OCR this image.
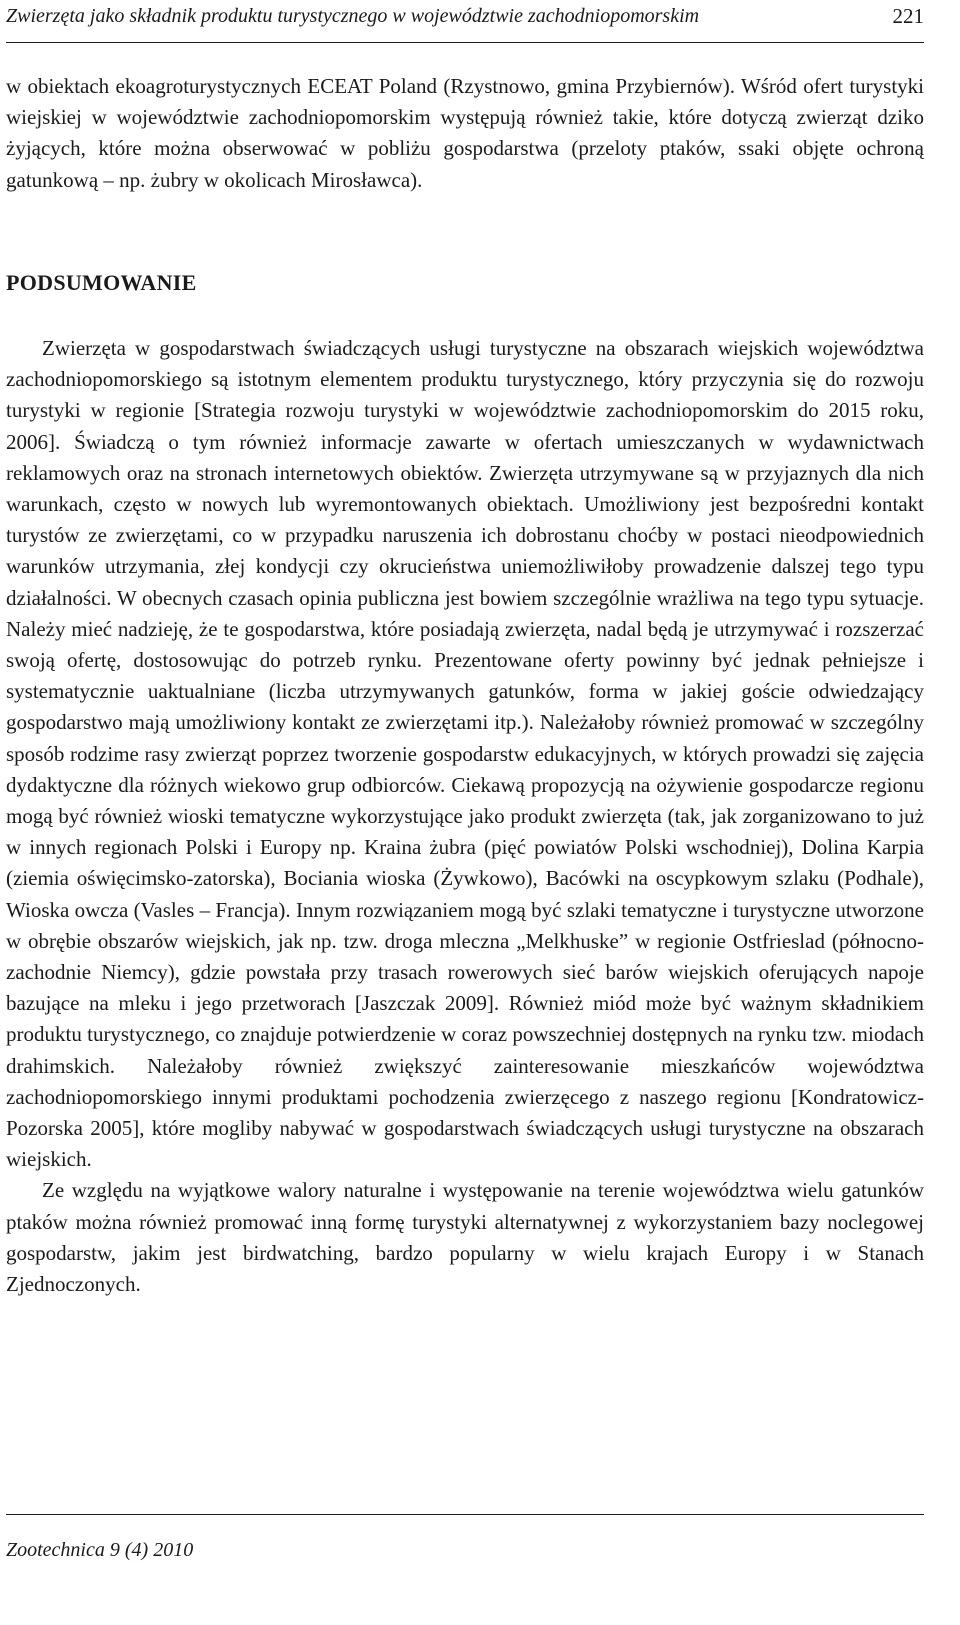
Zwierzęta jako składnik produktu turystycznego w województwie zachodniopomorskim	221

w obiektach ekoagroturystycznych ECEAT Poland (Rzystnowo, gmina Przybiernów). Wśród ofert turystyki wiejskiej w województwie zachodniopomorskim występują również takie, które dotyczą zwierząt dziko żyjących, które można obserwować w pobliżu gospodarstwa (przeloty ptaków, ssaki objęte ochroną gatunkową – np. żubry w okolicach Mirosławca).

PODSUMOWANIE

Zwierzęta w gospodarstwach świadczących usługi turystyczne na obszarach wiejskich województwa zachodniopomorskiego są istotnym elementem produktu turystycznego, który przyczynia się do rozwoju turystyki w regionie [Strategia rozwoju turystyki w województwie zachodniopomorskim do 2015 roku, 2006]. Świadczą o tym również informacje zawarte w ofertach umieszczanych w wydawnictwach reklamowych oraz na stronach internetowych obiektów. Zwierzęta utrzymywane są w przyjaznych dla nich warunkach, często w nowych lub wyremontowanych obiektach. Umożliwiony jest bezpośredni kontakt turystów ze zwierzętami, co w przypadku naruszenia ich dobrostanu choćby w postaci nieodpowiednich warunków utrzymania, złej kondycji czy okrucieństwa uniemożliwiłoby prowadzenie dalszej tego typu działalności. W obecnych czasach opinia publiczna jest bowiem szczególnie wrażliwa na tego typu sytuacje. Należy mieć nadzieję, że te gospodarstwa, które posiadają zwierzęta, nadal będą je utrzymywać i rozszerzać swoją ofertę, dostosowując do potrzeb rynku. Prezentowane oferty powinny być jednak pełniejsze i systematycznie uaktualniane (liczba utrzymywanych gatunków, forma w jakiej goście odwiedzający gospodarstwo mają umożliwiony kontakt ze zwierzętami itp.). Należałoby również promować w szczególny sposób rodzime rasy zwierząt poprzez tworzenie gospodarstw edukacyjnych, w których prowadzi się zajęcia dydaktyczne dla różnych wiekowo grup odbiorców. Ciekawą propozycją na ożywienie gospodarcze regionu mogą być również wioski tematyczne wykorzystujące jako produkt zwierzęta (tak, jak zorganizowano to już w innych regionach Polski i Europy np. Kraina żubra (pięć powiatów Polski wschodniej), Dolina Karpia (ziemia oświęcimsko-zatorska), Bociania wioska (Żywkowo), Bacówki na oscypkowym szlaku (Podhale), Wioska owcza (Vasles – Francja). Innym rozwiązaniem mogą być szlaki tematyczne i turystyczne utworzone w obrębie obszarów wiejskich, jak np. tzw. droga mleczna „Melkhuske” w regionie Ostfrieslad (północno-zachodnie Niemcy), gdzie powstała przy trasach rowerowych sieć barów wiejskich oferujących napoje bazujące na mleku i jego przetworach [Jaszczak 2009]. Również miód może być ważnym składnikiem produktu turystycznego, co znajduje potwierdzenie w coraz powszechniej dostępnych na rynku tzw. miodach drahimskich. Należałoby również zwiększyć zainteresowanie mieszkańców województwa zachodniopomorskiego innymi produktami pochodzenia zwierzęcego z naszego regionu [Kondratowicz-Pozorska 2005], które mogliby nabywać w gospodarstwach świadczących usługi turystyczne na obszarach wiejskich.

Ze względu na wyjątkowe walory naturalne i występowanie na terenie województwa wielu gatunków ptaków można również promować inną formę turystyki alternatywnej z wykorzystaniem bazy noclegowej gospodarstw, jakim jest birdwatching, bardzo popularny w wielu krajach Europy i w Stanach Zjednoczonych.

Zootechnica 9 (4) 2010
